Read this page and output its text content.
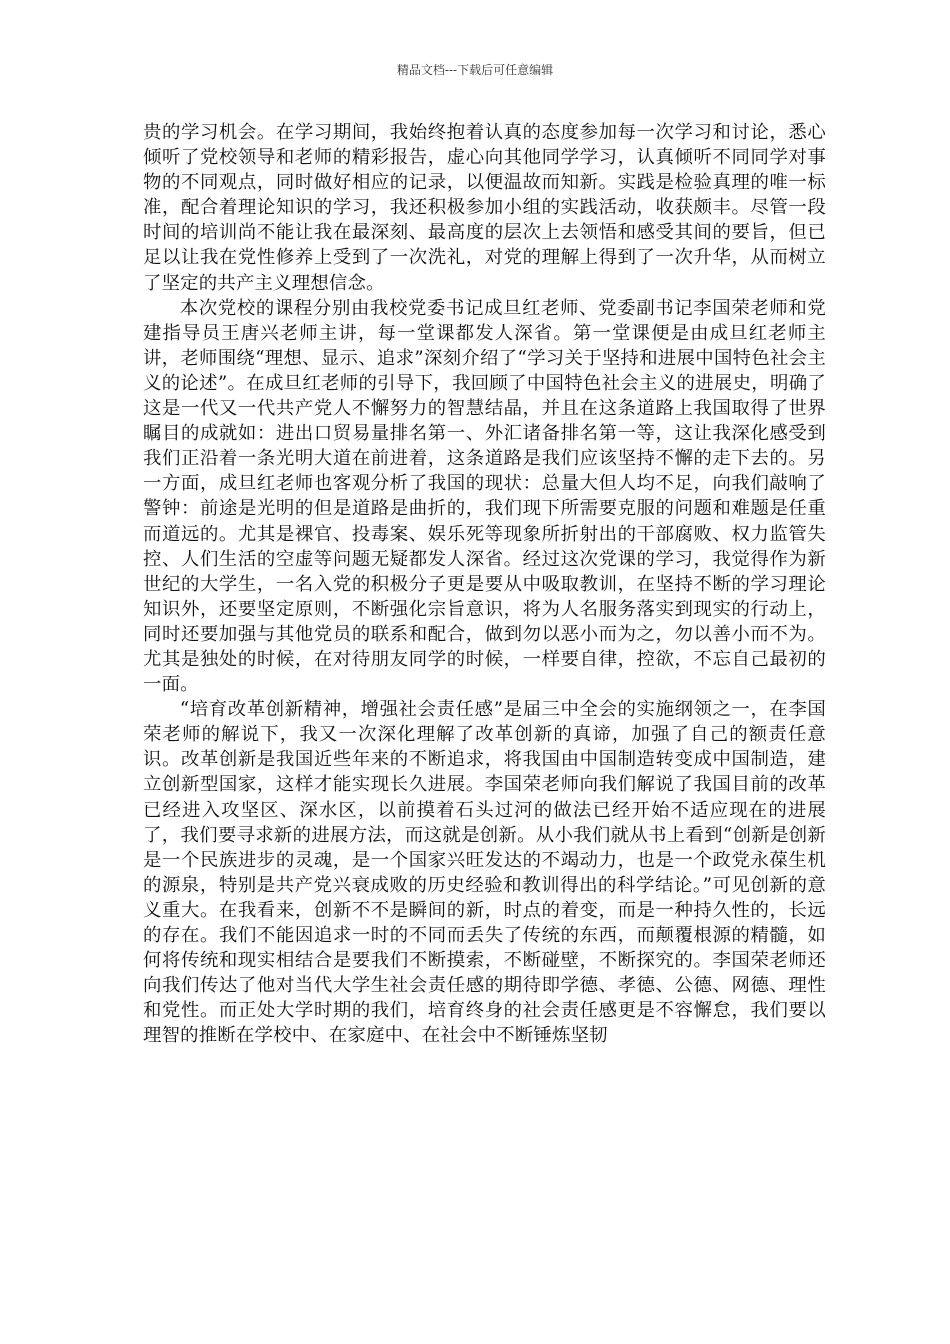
精品文档---下载后可任意编辑

贵的学习机会。在学习期间，我始终抱着认真的态度参加每一次学习和讨论，悉心倾听了党校领导和老师的精彩报告，虚心向其他同学学习，认真倾听不同同学对事物的不同观点，同时做好相应的记录，以便温故而知新。实践是检验真理的唯一标准，配合着理论知识的学习，我还积极参加小组的实践活动，收获颇丰。尽管一段时间的培训尚不能让我在最深刻、最高度的层次上去领悟和感受其间的要旨，但已足以让我在党性修养上受到了一次洗礼，对党的理解上得到了一次升华，从而树立了坚定的共产主义理想信念。

本次党校的课程分别由我校党委书记成旦红老师、党委副书记李国荣老师和党建指导员王唐兴老师主讲，每一堂课都发人深省。第一堂课便是由成旦红老师主讲，老师围绕“理想、显示、追求”深刻介绍了“学习关于坚持和进展中国特色社会主义的论述”。在成旦红老师的引导下，我回顾了中国特色社会主义的进展史，明确了这是一代又一代共产党人不懈努力的智慧结晶，并且在这条道路上我国取得了世界瞩目的成就如：进出口贸易量排名第一、外汇诸备排名第一等，这让我深化感受到我们正沿着一条光明大道在前进着，这条道路是我们应该坚持不懈的走下去的。另一方面，成旦红老师也客观分析了我国的现状：总量大但人均不足，向我们敲响了警钟：前途是光明的但是道路是曲折的，我们现下所需要克服的问题和难题是任重而道远的。尤其是裸官、投毒案、娱乐死等现象所折射出的干部腐败、权力监管失控、人们生活的空虚等问题无疑都发人深省。经过这次党课的学习，我觉得作为新世纪的大学生，一名入党的积极分子更是要从中吸取教训，在坚持不断的学习理论知识外，还要坚定原则，不断强化宗旨意识，将为人名服务落实到现实的行动上，同时还要加强与其他党员的联系和配合，做到勿以恶小而为之，勿以善小而不为。尤其是独处的时候，在对待朋友同学的时候，一样要自律，控欲，不忘自己最初的一面。

“培育改革创新精神，增强社会责任感”是届三中全会的实施纲领之一，在李国荣老师的解说下，我又一次深化理解了改革创新的真谛，加强了自己的额责任意识。改革创新是我国近些年来的不断追求，将我国由中国制造转变成中国制造，建立创新型国家，这样才能实现长久进展。李国荣老师向我们解说了我国目前的改革已经进入攻坚区、深水区，以前摸着石头过河的做法已经开始不适应现在的进展了，我们要寻求新的进展方法，而这就是创新。从小我们就从书上看到“创新是创新是一个民族进步的灵魂，是一个国家兴旺发达的不竭动力，也是一个政党永葆生机的源泉，特别是共产党兴衰成败的历史经验和教训得出的科学结论。”可见创新的意义重大。在我看来，创新不不是瞬间的新，时点的着变，而是一种持久性的，长远的存在。我们不能因追求一时的不同而丢失了传统的东西，而颠覆根源的精髓，如何将传统和现实相结合是要我们不断摸索，不断碰壁，不断探究的。李国荣老师还向我们传达了他对当代大学生社会责任感的期待即学德、孝德、公德、网德、理性和党性。而正处大学时期的我们，培育终身的社会责任感更是不容懈怠，我们要以理智的推断在学校中、在家庭中、在社会中不断锤炼坚韧
